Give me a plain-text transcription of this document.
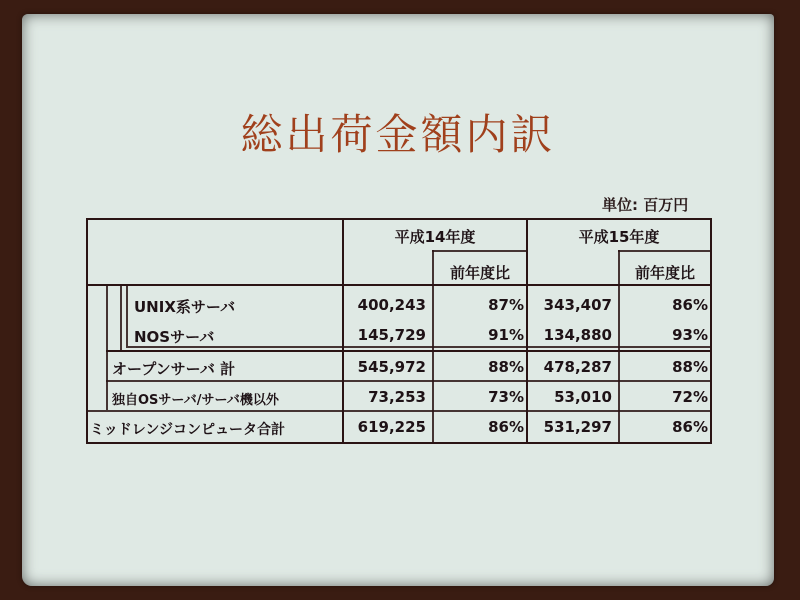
総出荷金額内訳
単位: 百万円
平成14年度	平成15年度
前年度比	前年度比
UNIX系サーバ	400,243	87%	343,407	86%
NOSサーバ	145,729	91%	134,880	93%
オープンサーバ 計	545,972	88%	478,287	88%
独自OSサーバ/サーバ機以外	73,253	73%	53,010	72%
ミッドレンジコンピュータ合計	619,225	86%	531,297	86%
